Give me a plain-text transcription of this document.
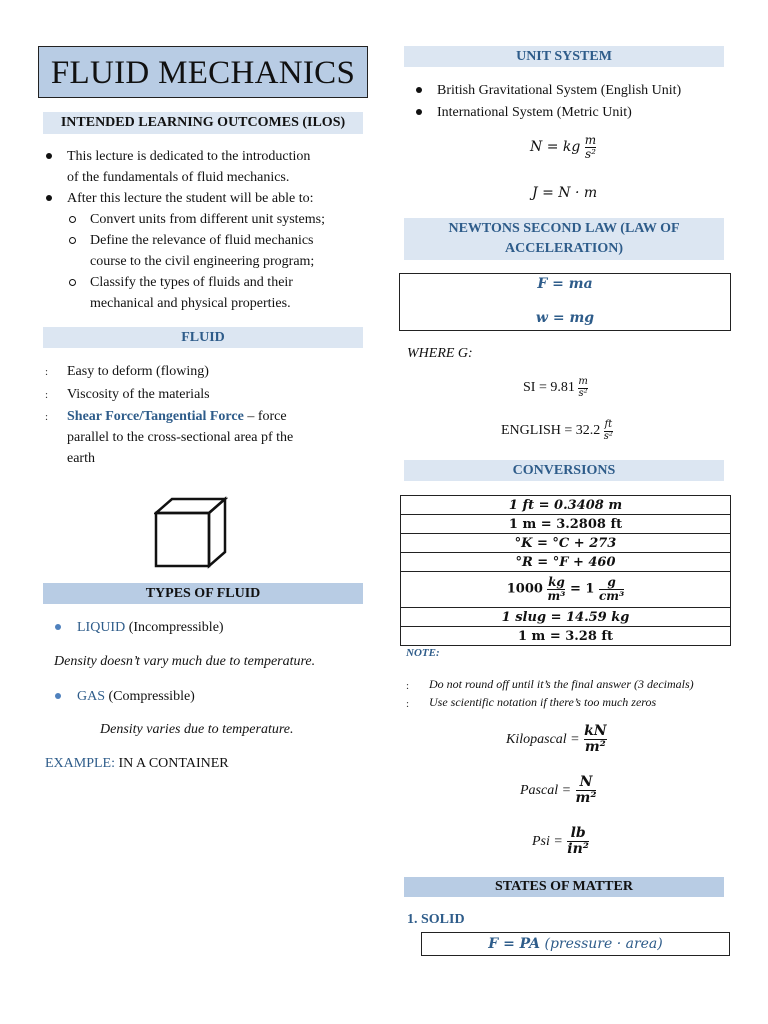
FLUID MECHANICS
INTENDED LEARNING OUTCOMES (ILOS)
This lecture is dedicated to the introduction
of the fundamentals of fluid mechanics.
After this lecture the student will be able to:
Convert units from different unit systems;
Define the relevance of fluid mechanics
course to the civil engineering program;
Classify the types of fluids and their
mechanical and physical properties.
FLUID
: Easy to deform (flowing)
: Viscosity of the materials
: Shear Force/Tangential Force – force
parallel to the cross-sectional area pf the
earth
TYPES OF FLUID
LIQUID (Incompressible)
Density doesn’t vary much due to temperature.
GAS (Compressible)
Density varies due to temperature.
EXAMPLE: IN A CONTAINER
UNIT SYSTEM
British Gravitational System (English Unit)
International System (Metric Unit)
N = kg $\frac{m}{\text{s²}}$
J = N · m
NEWTONS SECOND LAW (LAW OF
ACCELERATION)
F = ma
w = mg
WHERE G:
SI = $9.81 \frac{m}{\text{s²}}$
ENGLISH = $32.2 \frac{ft}{\text{s²}}$
CONVERSIONS
1 ft = 0.3408 m
1 m = 3.2808 ft
°K = °C + 273
°R = °F + 460
$1000 \frac{kg}{\text{m³}} = 1 \frac{g}{\text{cm³}}$

1 slug = 14.59 kg
1 m = 3.28 ft
NOTE:
: Do not round off until it’s the final answer (3 decimals)
: Use scientific notation if there’s too much zeros
Kilopascal = $\frac{kN}{\text{m²}}$
Pascal = $\frac{N}{\text{m²}}$
Psi = $\frac{lb}{\text{in²}}$
STATES OF MATTER
1. SOLID
F = PA (pressure · area)
